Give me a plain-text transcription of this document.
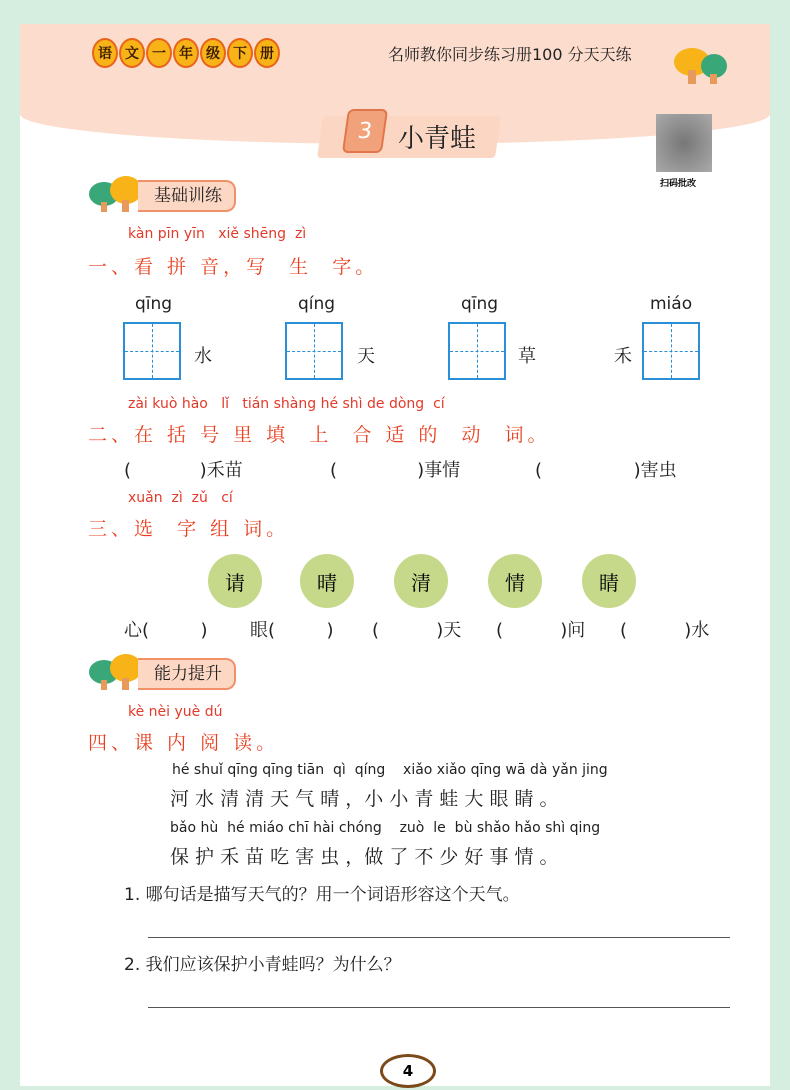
语 文 一 年 级 下 册	名师教你同步练习册100 分天天练
3 小青蛙
扫码批改
基础训练
kàn pīn yīn   xiě shēng  zì
一、看 拼 音，写  生  字。
qīng
水
qíng
天
qīng
草
miáo
禾
zài kuò hào   lǐ   tián shàng hé shì de dòng  cí
二、在 括 号 里 填  上  合 适 的  动  词。
(            )禾苗	(              )事情	(                )害虫
xuǎn  zì  zǔ   cí
三、选  字 组 词。
请	晴	清	情	睛
心(         ) 眼(         ) (          )天 (          )问 (          )水
能力提升
kè nèi yuè dú
四、课 内 阅 读。
hé shuǐ qīng qīng tiān  qì  qíng    xiǎo xiǎo qīng wā dà yǎn jing
河 水 清 清 天 气 晴 ，小 小 青 蛙 大 眼 睛 。
bǎo hù  hé miáo chī hài chóng    zuò  le  bù shǎo hǎo shì qing
保 护 禾 苗 吃 害 虫 ，做 了 不 少 好 事 情 。
1. 哪句话是描写天气的？用一个词语形容这个天气。
2. 我们应该保护小青蛙吗？为什么？
4
